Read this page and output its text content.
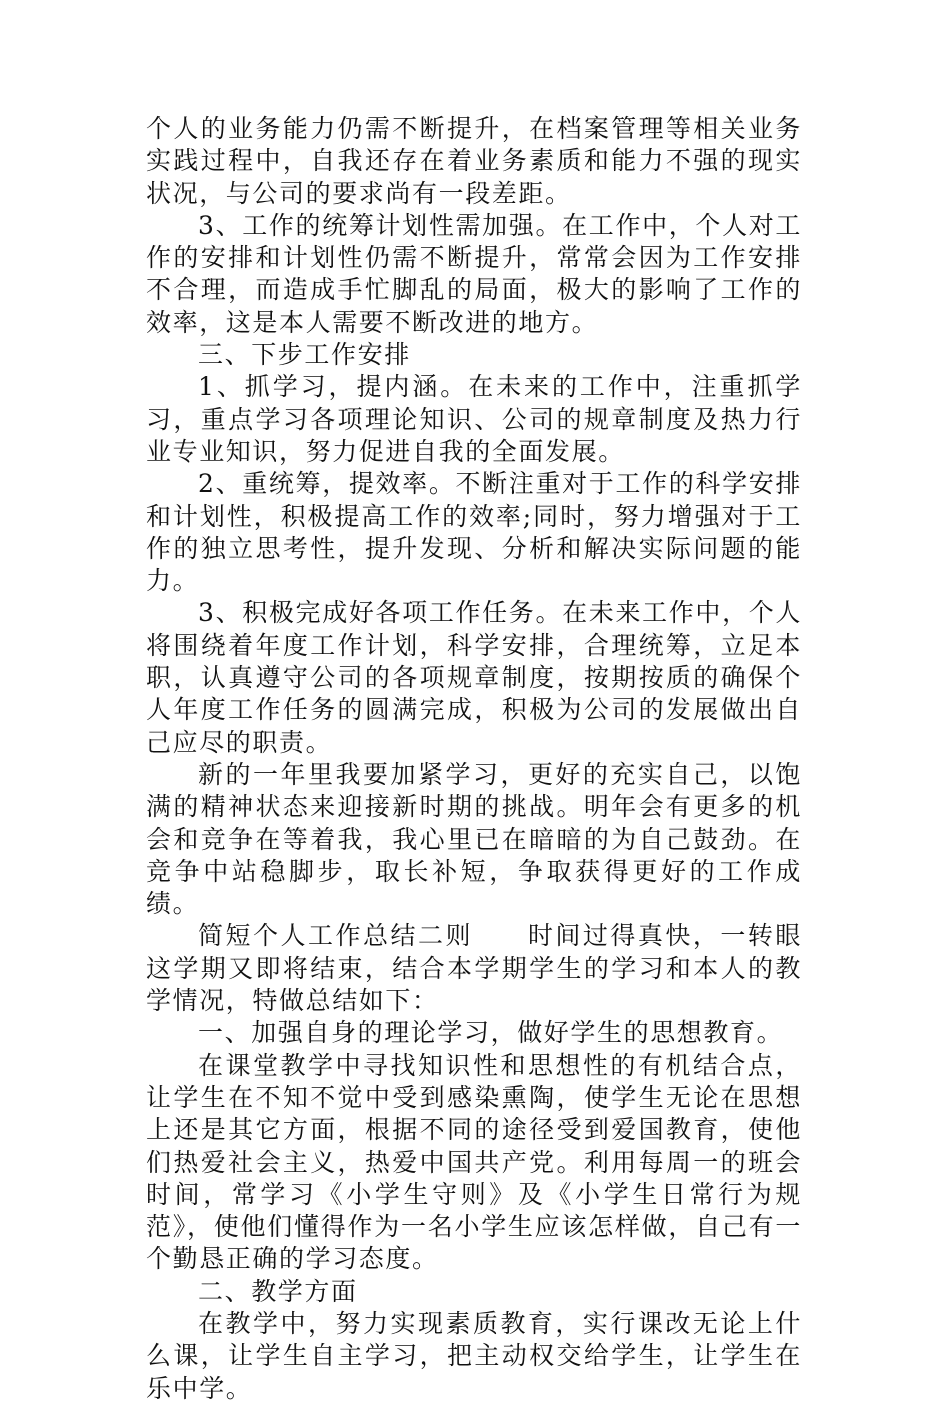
个人的业务能力仍需不断提升，在档案管理等相关业务实践过程中，自我还存在着业务素质和能力不强的现实状况，与公司的要求尚有一段差距。

3、工作的统筹计划性需加强。在工作中，个人对工作的安排和计划性仍需不断提升，常常会因为工作安排不合理，而造成手忙脚乱的局面，极大的影响了工作的效率，这是本人需要不断改进的地方。

三、下步工作安排

1、抓学习，提内涵。在未来的工作中，注重抓学习，重点学习各项理论知识、公司的规章制度及热力行业专业知识，努力促进自我的全面发展。

2、重统筹，提效率。不断注重对于工作的科学安排和计划性，积极提高工作的效率;同时，努力增强对于工作的独立思考性，提升发现、分析和解决实际问题的能力。

3、积极完成好各项工作任务。在未来工作中，个人将围绕着年度工作计划，科学安排，合理统筹，立足本职，认真遵守公司的各项规章制度，按期按质的确保个人年度工作任务的圆满完成，积极为公司的发展做出自己应尽的职责。

新的一年里我要加紧学习，更好的充实自己，以饱满的精神状态来迎接新时期的挑战。明年会有更多的机会和竞争在等着我，我心里已在暗暗的为自己鼓劲。在竞争中站稳脚步，取长补短，争取获得更好的工作成绩。

简短个人工作总结二则　　时间过得真快，一转眼这学期又即将结束，结合本学期学生的学习和本人的教学情况，特做总结如下：

一、加强自身的理论学习，做好学生的思想教育。

在课堂教学中寻找知识性和思想性的有机结合点，让学生在不知不觉中受到感染熏陶，使学生无论在思想上还是其它方面，根据不同的途径受到爱国教育，使他们热爱社会主义，热爱中国共产党。利用每周一的班会时间，常学习《小学生守则》及《小学生日常行为规范》，使他们懂得作为一名小学生应该怎样做，自己有一个勤恳正确的学习态度。

二、教学方面

在教学中，努力实现素质教育，实行课改无论上什么课，让学生自主学习，把主动权交给学生，让学生在乐中学。
